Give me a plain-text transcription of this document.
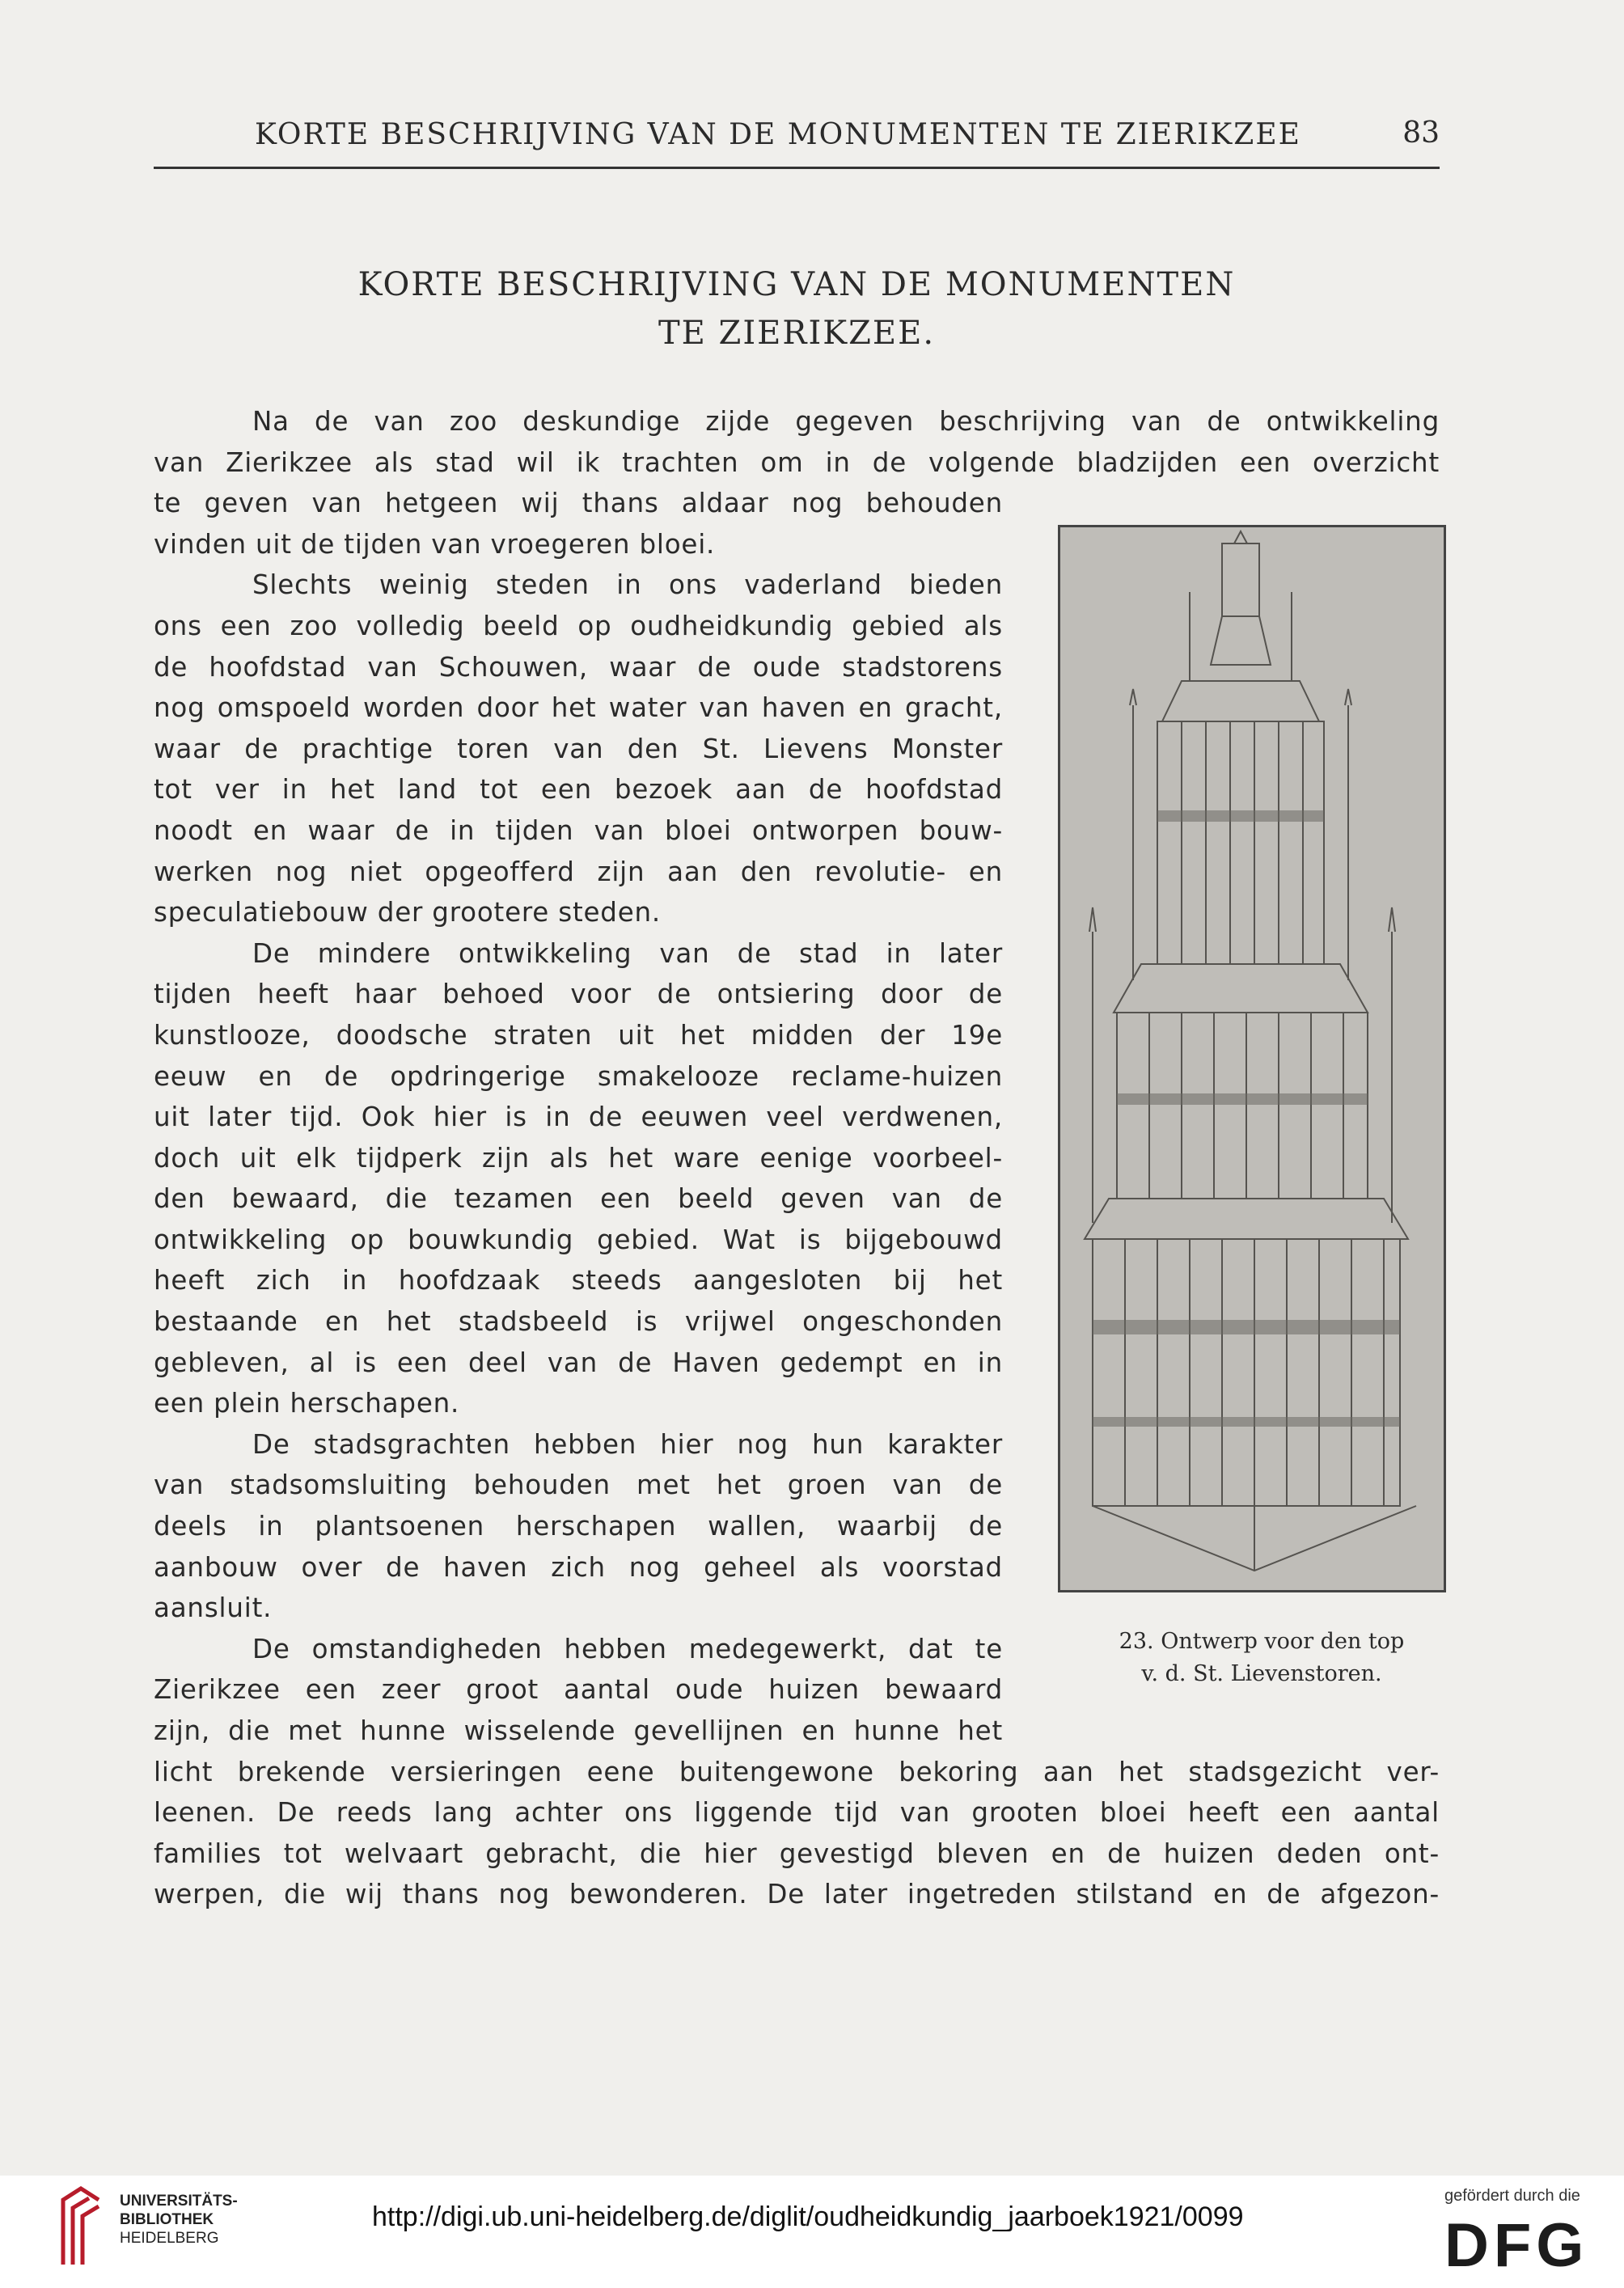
KORTE BESCHRIJVING VAN DE MONUMENTEN TE ZIERIKZEE	83
KORTE BESCHRIJVING VAN DE MONUMENTEN
TE ZIERIKZEE.
Na de van zoo deskundige zijde gegeven beschrijving van de ontwikkeling
van Zierikzee als stad wil ik trachten om in de volgende bladzijden een overzicht
te geven van hetgeen wij thans aldaar nog behouden
vinden uit de tijden van vroegeren bloei.
Slechts weinig steden in ons vaderland bieden
ons een zoo volledig beeld op oudheidkundig gebied als
de hoofdstad van Schouwen, waar de oude stadstorens
nog omspoeld worden door het water van haven en gracht,
waar de prachtige toren van den St. Lievens Monster
tot ver in het land tot een bezoek aan de hoofdstad
noodt en waar de in tijden van bloei ontworpen bouw-
werken nog niet opgeofferd zijn aan den revolutie- en
speculatiebouw der grootere steden.
De mindere ontwikkeling van de stad in later
tijden heeft haar behoed voor de ontsiering door de
kunstlooze, doodsche straten uit het midden der 19e
eeuw en de opdringerige smakelooze reclame-huizen
uit later tijd. Ook hier is in de eeuwen veel verdwenen,
doch uit elk tijdperk zijn als het ware eenige voorbeel-
den bewaard, die tezamen een beeld geven van de
ontwikkeling op bouwkundig gebied. Wat is bijgebouwd
heeft zich in hoofdzaak steeds aangesloten bij het
bestaande en het stadsbeeld is vrijwel ongeschonden
gebleven, al is een deel van de Haven gedempt en in
een plein herschapen.
De stadsgrachten hebben hier nog hun karakter
van stadsomsluiting behouden met het groen van de
deels in plantsoenen herschapen wallen, waarbij de
aanbouw over de haven zich nog geheel als voorstad
aansluit.
De omstandigheden hebben medegewerkt, dat te
Zierikzee een zeer groot aantal oude huizen bewaard
zijn, die met hunne wisselende gevellijnen en hunne het
licht brekende versieringen eene buitengewone bekoring aan het stadsgezicht ver-
leenen. De reeds lang achter ons liggende tijd van grooten bloei heeft een aantal
families tot welvaart gebracht, die hier gevestigd bleven en de huizen deden ont-
werpen, die wij thans nog bewonderen. De later ingetreden stilstand en de afgezon-
23. Ontwerp voor den top
v. d. St. Lievenstoren.
UNIVERSITÄTS-
BIBLIOTHEK
HEIDELBERG
http://digi.ub.uni-heidelberg.de/diglit/oudheidkundig_jaarboek1921/0099
gefördert durch die
DFG
